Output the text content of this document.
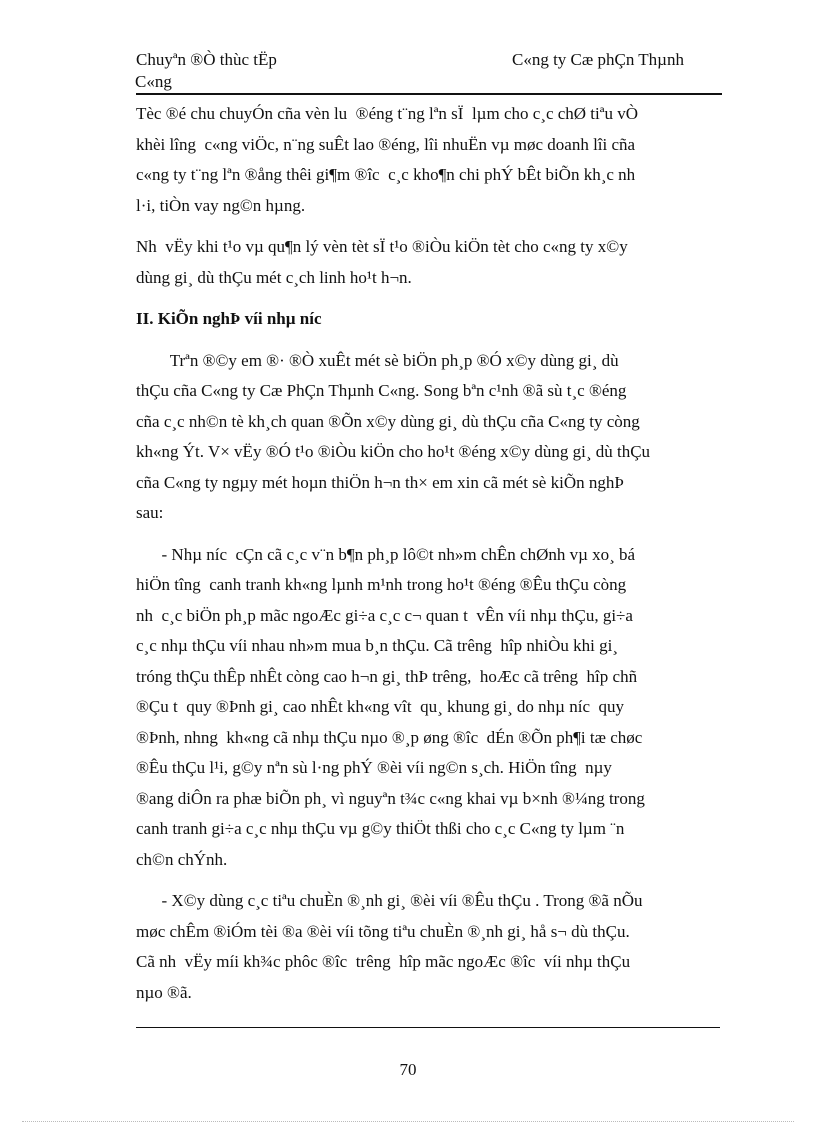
Chuyªn ®Ò thùc tËp
C«ng
C«ng ty Cæ phÇn Thµnh
Tèc ®é chu chuyÓn cña vèn lu  ®éng t¨ng lªn sÏ  lµm cho c¸c chØ tiªu vÒ
khèi lîng  c«ng viÖc, n¨ng suÊt lao ®éng, lîi nhuËn vµ møc doanh lîi cña
c«ng ty t¨ng lªn ®ång thêi gi¶m ®îc  c¸c kho¶n chi phÝ bÊt biÕn kh¸c nh
l·i, tiÒn vay ng©n hµng.
Nh  vËy khi t¹o vµ qu¶n lý vèn tèt sÏ t¹o ®iÒu kiÖn tèt cho c«ng ty x©y
dùng gi¸ dù thÇu mét c¸ch linh ho¹t h¬n.
II. KiÕn nghÞ víi nhµ níc
Trªn ®©y em ®· ®Ò xuÊt mét sè biÖn ph¸p ®Ó x©y dùng gi¸ dù
thÇu cña C«ng ty Cæ PhÇn Thµnh C«ng. Song bªn c¹nh ®ã sù t¸c ®éng
cña c¸c nh©n tè kh¸ch quan ®Õn x©y dùng gi¸ dù thÇu cña C«ng ty còng
kh«ng Ýt. V× vËy ®Ó t¹o ®iÒu kiÖn cho ho¹t ®éng x©y dùng gi¸ dù thÇu
cña C«ng ty ngµy mét hoµn thiÖn h¬n th× em xin cã mét sè kiÕn nghÞ
sau:
- Nhµ níc  cÇn cã c¸c v¨n b¶n ph¸p lô©t nh»m chÊn chØnh vµ xo¸ bá
hiÖn tîng  canh tranh kh«ng lµnh m¹nh trong ho¹t ®éng ®Êu thÇu còng
nh  c¸c biÖn ph¸p mãc ngoÆc gi÷a c¸c c¬ quan t  vÊn víi nhµ thÇu, gi÷a
c¸c nhµ thÇu víi nhau nh»m mua b¸n thÇu. Cã trêng  hîp nhiÒu khi gi¸
tróng thÇu thÊp nhÊt còng cao h¬n gi¸ thÞ trêng,  hoÆc cã trêng  hîp chñ
®Çu t  quy ®Þnh gi¸ cao nhÊt kh«ng vît  qu¸ khung gi¸ do nhµ níc  quy
®Þnh, nhng  kh«ng cã nhµ thÇu nµo ®¸p øng ®îc  dÉn ®Õn ph¶i tæ chøc
®Êu thÇu l¹i, g©y nªn sù l·ng phÝ ®èi víi ng©n s¸ch. HiÖn tîng  nµy
®ang diÔn ra phæ biÕn ph¸ vì nguyªn t¾c c«ng khai vµ b×nh ®¼ng trong
canh tranh gi÷a c¸c nhµ thÇu vµ g©y thiÖt thßi cho c¸c C«ng ty lµm ¨n
ch©n chÝnh.
- X©y dùng c¸c tiªu chuÈn ®¸nh gi¸ ®èi víi ®Êu thÇu . Trong ®ã nÕu
møc chÊm ®iÓm tèi ®a ®èi víi tõng tiªu chuÈn ®¸nh gi¸ hå s¬ dù thÇu.
Cã nh  vËy míi kh¾c phôc ®îc  trêng  hîp mãc ngoÆc ®îc  víi nhµ thÇu
nµo ®ã.
70
